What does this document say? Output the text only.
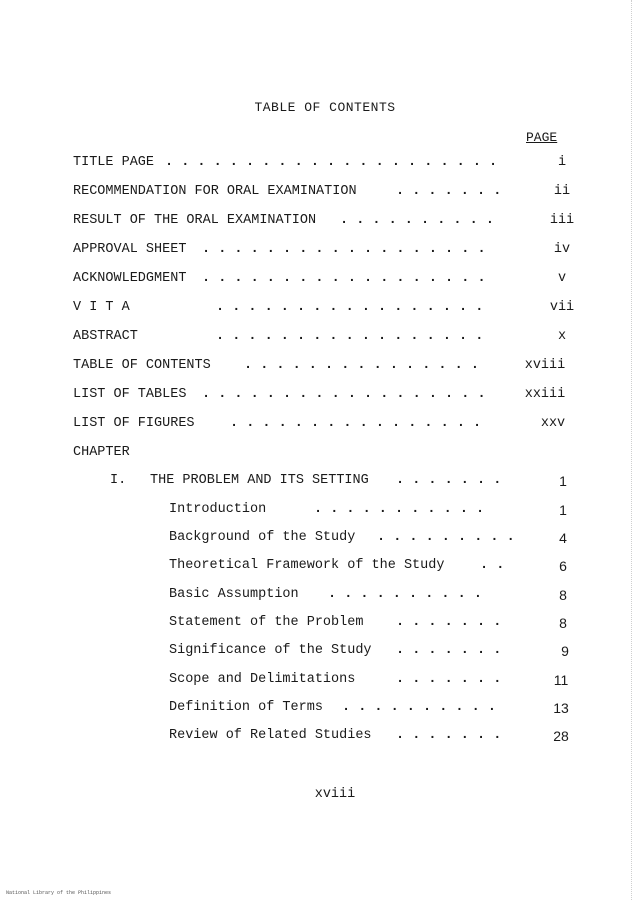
TABLE OF CONTENTS
PAGE
TITLE PAGE . . . . . . . . . . . . . . . . . . . . .	i
RECOMMENDATION FOR ORAL EXAMINATION	. . . . . . .	ii
RESULT OF THE ORAL EXAMINATION . . . . . . . . . .	iii
APPROVAL SHEET . . . . . . . . . . . . . . . . . .	iv
ACKNOWLEDGMENT . . . . . . . . . . . . . . . . . .	v
V I T A	. . . . . . . . . . . . . . . . .	vii
ABSTRACT	. . . . . . . . . . . . . . . . .	x
TABLE OF CONTENTS . . . . . . . . . . . . . . .	xviii
LIST OF TABLES . . . . . . . . . . . . . . . . . .	xxiii
LIST OF FIGURES	. . . . . . . . . . . . . . . .	xxv
CHAPTER
I. THE PROBLEM AND ITS SETTING . . . . . . .	1
Introduction	. . . . . . . . . . .	1
Background of the Study . . . . . . . . .	4
Theoretical Framework of the Study	. .	6
Basic Assumption . . . . . . . . . .	8
Statement of the Problem . . . . . . .	8
Significance of the Study . . . . . . .	9
Scope and Delimitations	. . . . . . .	11
Definition of Terms . . . . . . . . . .	13
Review of Related Studies . . . . . . .	28
xviii
National Library of the Philippines
